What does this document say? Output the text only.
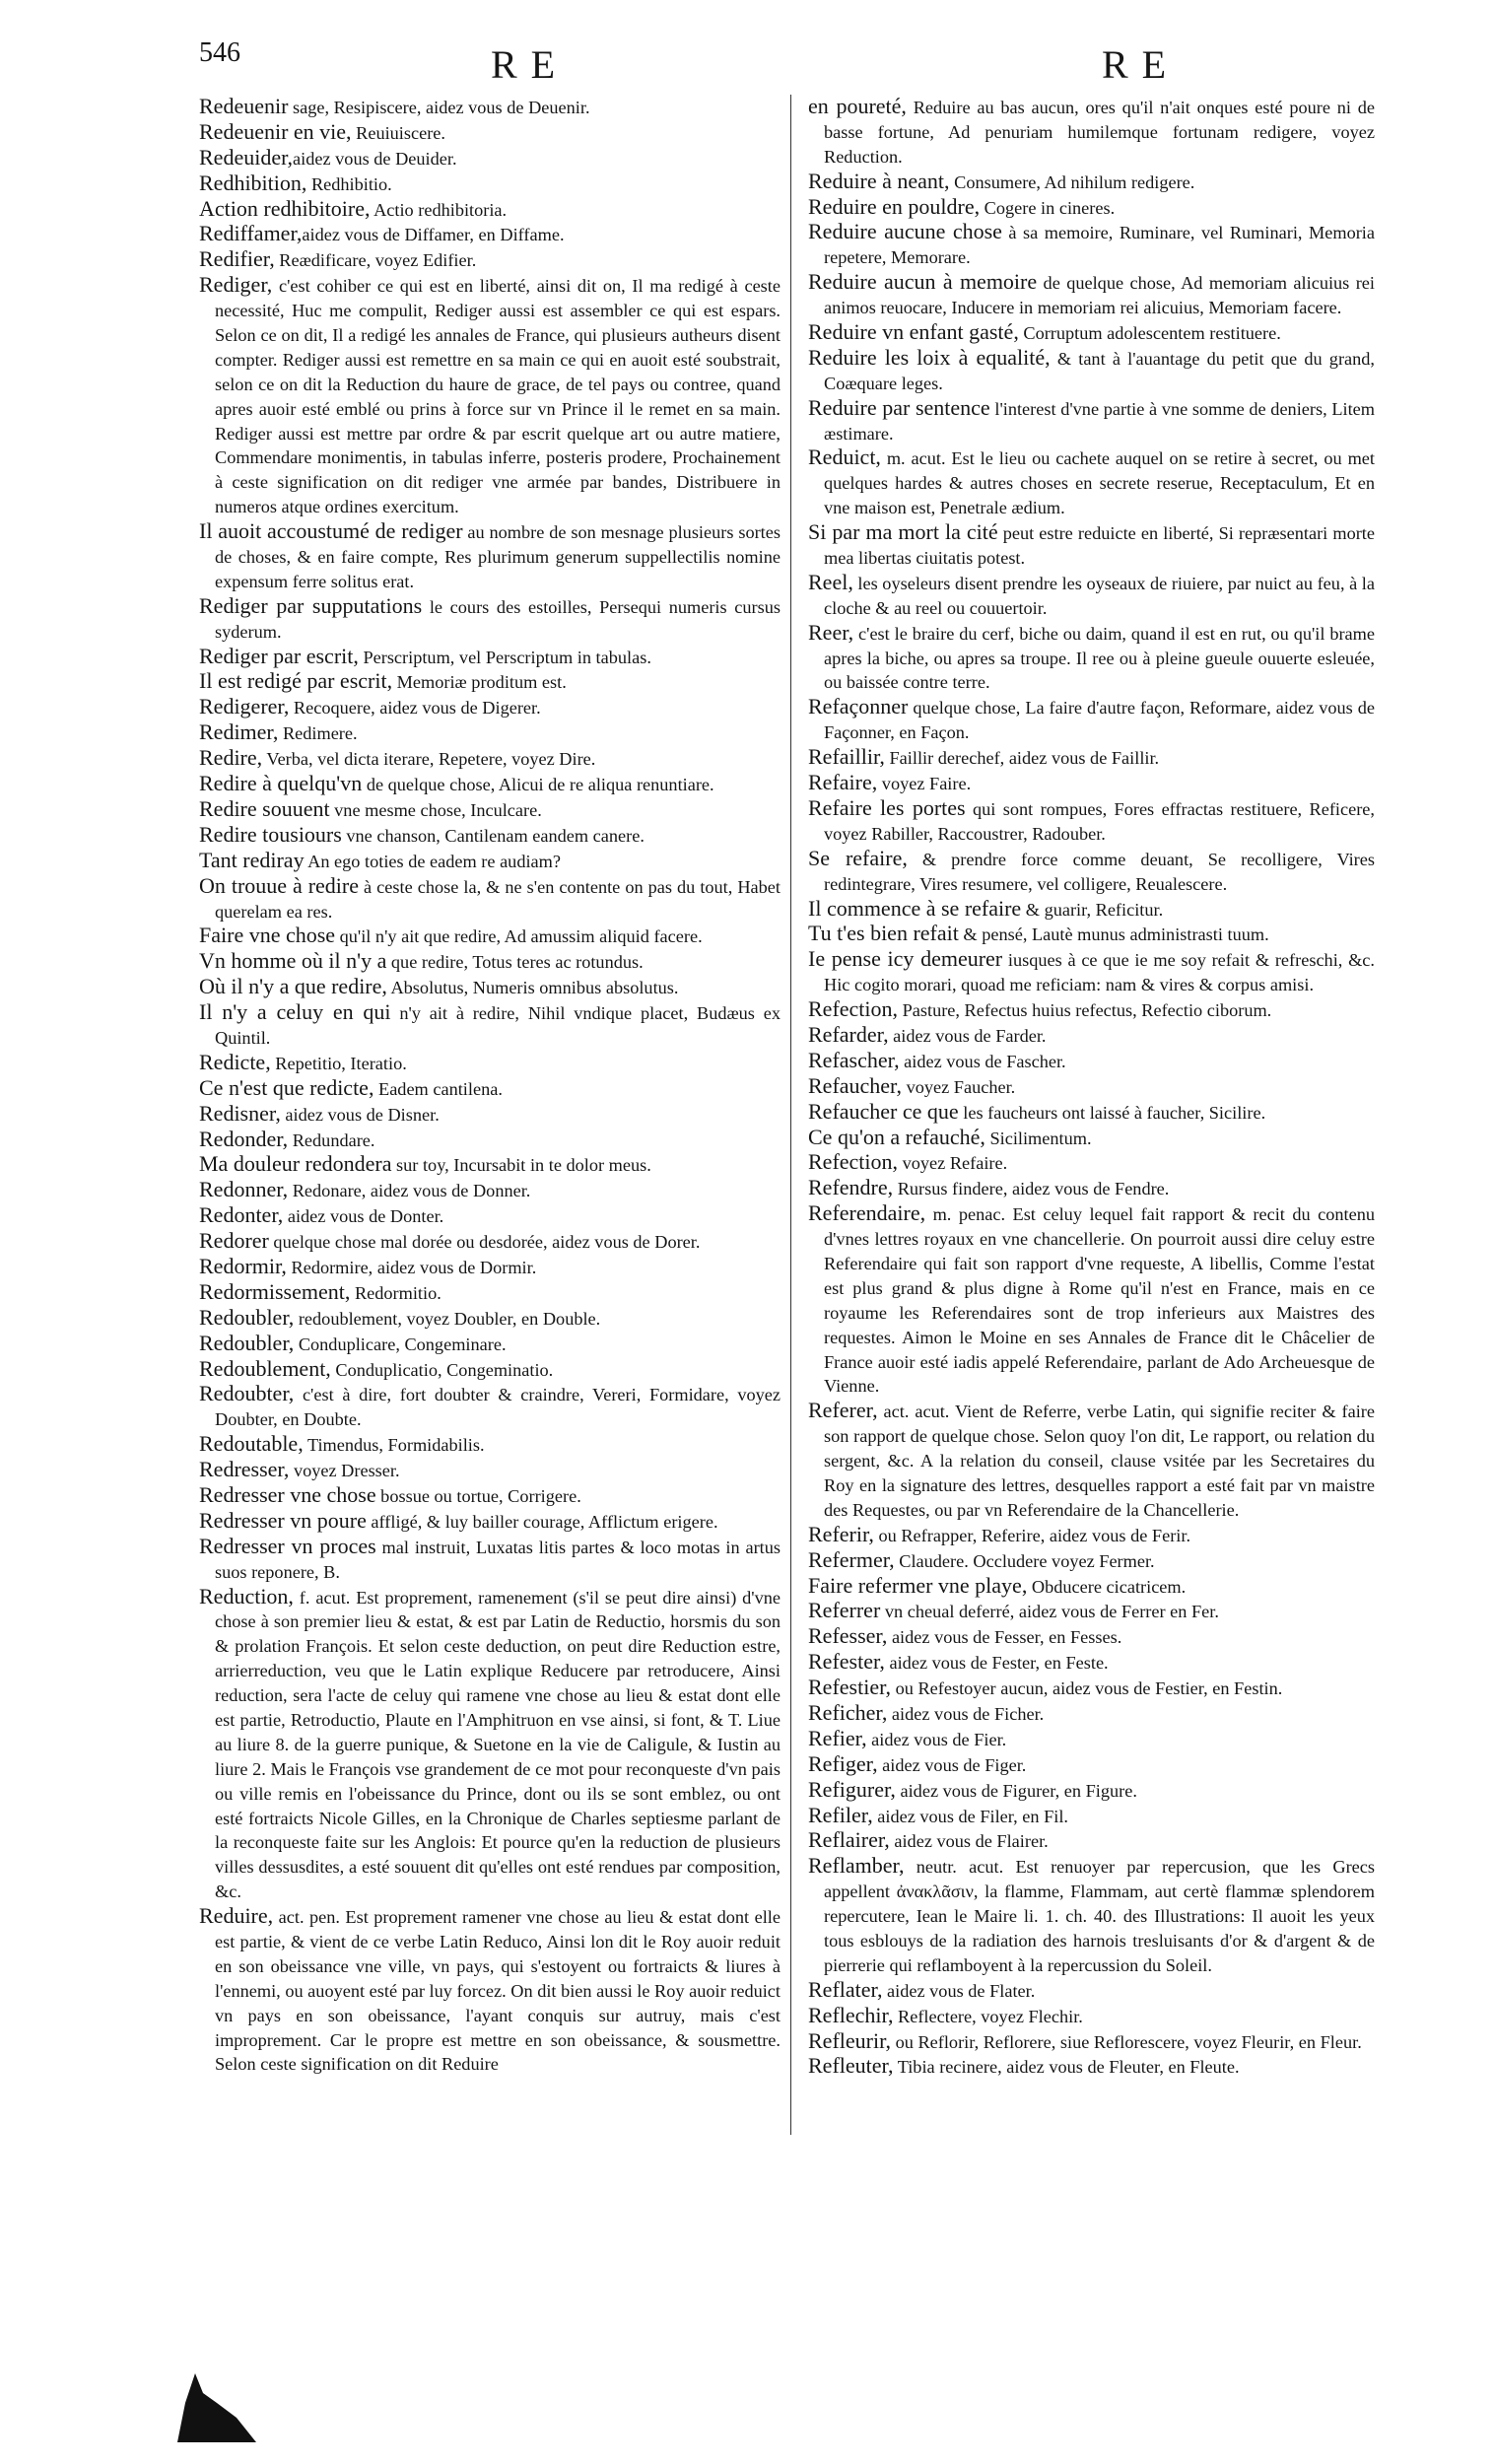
546	RE	RE

Redeuenir sage, Resipiscere, aidez vous de Deuenir.

Redeuenir en vie, Reuiuiscere.

Redeuider,aidez vous de Deuider.

Redhibition, Redhibitio.

Action redhibitoire, Actio redhibitoria.

Rediffamer,aidez vous de Diffamer, en Diffame.

Redifier, Reædificare, voyez Edifier.

Rediger, c'est cohiber ce qui est en liberté, ainsi dit on, Il ma redigé à ceste necessité, Huc me compulit, Rediger aussi est assembler ce qui est espars. Selon ce on dit, Il a redigé les annales de France, qui plusieurs autheurs disent compter. Rediger aussi est remettre en sa main ce qui en auoit esté soubstrait, selon ce on dit la Reduction du haure de grace, de tel pays ou contree, quand apres auoir esté emblé ou prins à force sur vn Prince il le remet en sa main. Rediger aussi est mettre par ordre & par escrit quelque art ou autre matiere, Commendare monimentis, in tabulas inferre, posteris prodere, Prochainement à ceste signification on dit rediger vne armée par bandes, Distribuere in numeros atque ordines exercitum.

Il auoit accoustumé de rediger au nombre de son mesnage plusieurs sortes de choses, & en faire compte, Res plurimum generum suppellectilis nomine expensum ferre solitus erat.

Rediger par supputations le cours des estoilles, Persequi numeris cursus syderum.

Rediger par escrit, Perscriptum, vel Perscriptum in tabulas.

Il est redigé par escrit, Memoriæ proditum est.

Redigerer, Recoquere, aidez vous de Digerer.

Redimer, Redimere.

Redire, Verba, vel dicta iterare, Repetere, voyez Dire.

Redire à quelqu'vn de quelque chose, Alicui de re aliqua renuntiare.

Redire souuent vne mesme chose, Inculcare.

Redire tousiours vne chanson, Cantilenam eandem canere.

Tant rediray An ego toties de eadem re audiam?

On trouue à redire à ceste chose la, & ne s'en contente on pas du tout, Habet querelam ea res.

Faire vne chose qu'il n'y ait que redire, Ad amussim aliquid facere.

Vn homme où il n'y a que redire, Totus teres ac rotundus.

Où il n'y a que redire, Absolutus, Numeris omnibus absolutus.

Il n'y a celuy en qui n'y ait à redire, Nihil vndique placet, Budæus ex Quintil.

Redicte, Repetitio, Iteratio.

Ce n'est que redicte, Eadem cantilena.

Redisner, aidez vous de Disner.

Redonder, Redundare.

Ma douleur redondera sur toy, Incursabit in te dolor meus.

Redonner, Redonare, aidez vous de Donner.

Redonter, aidez vous de Donter.

Redorer quelque chose mal dorée ou desdorée, aidez vous de Dorer.

Redormir, Redormire, aidez vous de Dormir.

Redormissement, Redormitio.

Redoubler, redoublement, voyez Doubler, en Double.

Redoubler, Conduplicare, Congeminare.

Redoublement, Conduplicatio, Congeminatio.

Redoubter, c'est à dire, fort doubter & craindre, Vereri, Formidare, voyez Doubter, en Doubte.

Redoutable, Timendus, Formidabilis.

Redresser, voyez Dresser.

Redresser vne chose bossue ou tortue, Corrigere.

Redresser vn poure affligé, & luy bailler courage, Afflictum erigere.

Redresser vn proces mal instruit, Luxatas litis partes & loco motas in artus suos reponere, B.

Reduction, f. acut. Est proprement, ramenement (s'il se peut dire ainsi) d'vne chose à son premier lieu & estat, & est par Latin de Reductio, horsmis du son & prolation François. Et selon ceste deduction, on peut dire Reduction estre, arrierreduction, veu que le Latin explique Reducere par retroducere, Ainsi reduction, sera l'acte de celuy qui ramene vne chose au lieu & estat dont elle est partie, Retroductio, Plaute en l'Amphitruon en vse ainsi, si font, & T. Liue au liure 8. de la guerre punique, & Suetone en la vie de Caligule, & Iustin au liure 2. Mais le François vse grandement de ce mot pour reconqueste d'vn pais ou ville remis en l'obeissance du Prince, dont ou ils se sont emblez, ou ont esté fortraicts Nicole Gilles, en la Chronique de Charles septiesme parlant de la reconqueste faite sur les Anglois: Et pource qu'en la reduction de plusieurs villes dessusdites, a esté souuent dit qu'elles ont esté rendues par composition, &c.

Reduire, act. pen. Est proprement ramener vne chose au lieu & estat dont elle est partie, & vient de ce verbe Latin Reduco, Ainsi lon dit le Roy auoir reduit en son obeissance vne ville, vn pays, qui s'estoyent ou fortraicts & liures à l'ennemi, ou auoyent esté par luy forcez. On dit bien aussi le Roy auoir reduict vn pays en son obeissance, l'ayant conquis sur autruy, mais c'est improprement. Car le propre est mettre en son obeissance, & sousmettre. Selon ceste signification on dit Reduire

en poureté, Reduire au bas aucun, ores qu'il n'ait onques esté poure ni de basse fortune, Ad penuriam humilemque fortunam redigere, voyez Reduction.

Reduire à neant, Consumere, Ad nihilum redigere.

Reduire en pouldre, Cogere in cineres.

Reduire aucune chose à sa memoire, Ruminare, vel Ruminari, Memoria repetere, Memorare.

Reduire aucun à memoire de quelque chose, Ad memoriam alicuius rei animos reuocare, Inducere in memoriam rei alicuius, Memoriam facere.

Reduire vn enfant gasté, Corruptum adolescentem restituere.

Reduire les loix à equalité, & tant à l'auantage du petit que du grand, Coæquare leges.

Reduire par sentence l'interest d'vne partie à vne somme de deniers, Litem æstimare.

Reduict, m. acut. Est le lieu ou cachete auquel on se retire à secret, ou met quelques hardes & autres choses en secrete reserue, Receptaculum, Et en vne maison est, Penetrale ædium.

Si par ma mort la cité peut estre reduicte en liberté, Si repræsentari morte mea libertas ciuitatis potest.

Reel, les oyseleurs disent prendre les oyseaux de riuiere, par nuict au feu, à la cloche & au reel ou couuertoir.

Reer, c'est le braire du cerf, biche ou daim, quand il est en rut, ou qu'il brame apres la biche, ou apres sa troupe. Il ree ou à pleine gueule ouuerte esleuée, ou baissée contre terre.

Refaçonner quelque chose, La faire d'autre façon, Reformare, aidez vous de Façonner, en Façon.

Refaillir, Faillir derechef, aidez vous de Faillir.

Refaire, voyez Faire.

Refaire les portes qui sont rompues, Fores effractas restituere, Reficere, voyez Rabiller, Raccoustrer, Radouber.

Se refaire, & prendre force comme deuant, Se recolligere, Vires redintegrare, Vires resumere, vel colligere, Reualescere.

Il commence à se refaire & guarir, Reficitur.

Tu t'es bien refait & pensé, Lautè munus administrasti tuum.

Ie pense icy demeurer iusques à ce que ie me soy refait & refreschi, &c. Hic cogito morari, quoad me reficiam: nam & vires & corpus amisi.

Refection, Pasture, Refectus huius refectus, Refectio ciborum.

Refarder, aidez vous de Farder.

Refascher, aidez vous de Fascher.

Refaucher, voyez Faucher.

Refaucher ce que les faucheurs ont laissé à faucher, Sicilire.

Ce qu'on a refauché, Sicilimentum.

Refection, voyez Refaire.

Refendre, Rursus findere, aidez vous de Fendre.

Referendaire, m. penac. Est celuy lequel fait rapport & recit du contenu d'vnes lettres royaux en vne chancellerie. On pourroit aussi dire celuy estre Referendaire qui fait son rapport d'vne requeste, A libellis, Comme l'estat est plus grand & plus digne à Rome qu'il n'est en France, mais en ce royaume les Referendaires sont de trop inferieurs aux Maistres des requestes. Aimon le Moine en ses Annales de France dit le Châcelier de France auoir esté iadis appelé Referendaire, parlant de Ado Archeuesque de Vienne.

Referer, act. acut. Vient de Referre, verbe Latin, qui signifie reciter & faire son rapport de quelque chose. Selon quoy l'on dit, Le rapport, ou relation du sergent, &c. A la relation du conseil, clause vsitée par les Secretaires du Roy en la signature des lettres, desquelles rapport a esté fait par vn maistre des Requestes, ou par vn Referendaire de la Chancellerie.

Referir, ou Refrapper, Referire, aidez vous de Ferir.

Refermer, Claudere. Occludere voyez Fermer.

Faire refermer vne playe, Obducere cicatricem.

Referrer vn cheual deferré, aidez vous de Ferrer en Fer.

Refesser, aidez vous de Fesser, en Fesses.

Refester, aidez vous de Fester, en Feste.

Refestier, ou Refestoyer aucun, aidez vous de Festier, en Festin.

Reficher, aidez vous de Ficher.

Refier, aidez vous de Fier.

Refiger, aidez vous de Figer.

Refigurer, aidez vous de Figurer, en Figure.

Refiler, aidez vous de Filer, en Fil.

Reflairer, aidez vous de Flairer.

Reflamber, neutr. acut. Est renuoyer par repercusion, que les Grecs appellent ἀνακλᾶσιν, la flamme, Flammam, aut certè flammæ splendorem repercutere, Iean le Maire li. 1. ch. 40. des Illustrations: Il auoit les yeux tous esblouys de la radiation des harnois tresluisants d'or & d'argent & de pierrerie qui reflamboyent à la repercussion du Soleil.

Reflater, aidez vous de Flater.

Reflechir, Reflectere, voyez Flechir.

Refleurir, ou Reflorir, Reflorere, siue Reflorescere, voyez Fleurir, en Fleur.

Refleuter, Tibia recinere, aidez vous de Fleuter, en Fleute.
